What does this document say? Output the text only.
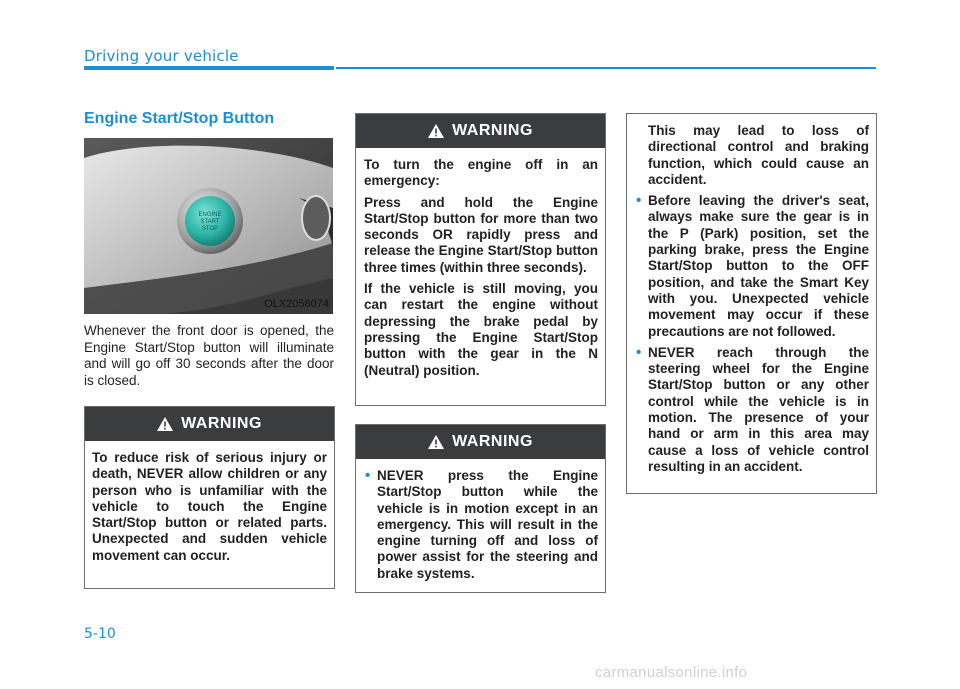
Driving your vehicle
Engine Start/Stop Button
ENGINE
START
STOP
OLX2058074
Whenever the front door is opened, the Engine Start/Stop button will illuminate and will go off 30 seconds after the door is closed.
WARNING

To reduce risk of serious injury or death, NEVER allow children or any person who is unfamiliar with the vehicle to touch the Engine Start/Stop button or related parts. Unexpected and sudden vehicle movement can occur.

WARNING

To turn the engine off in an emergency:

Press and hold the Engine Start/Stop button for more than two seconds OR rapidly press and release the Engine Start/Stop button three times (within three seconds).

If the vehicle is still moving, you can restart the engine without depressing the brake pedal by pressing the Engine Start/Stop button with the gear in the N (Neutral) position.

WARNING
• NEVER press the Engine Start/Stop button while the vehicle is in motion except in an emergency. This will result in the engine turning off and loss of power assist for the steering and brake systems.

This may lead to loss of directional control and braking function, which could cause an accident.

• Before leaving the driver's seat, always make sure the gear is in the P (Park) position, set the parking brake, press the Engine Start/Stop button to the OFF position, and take the Smart Key with you. Unexpected vehicle movement may occur if these precautions are not followed.
• NEVER reach through the steering wheel for the Engine Start/Stop button or any other control while the vehicle is in motion. The presence of your hand or arm in this area may cause a loss of vehicle control resulting in an accident.
5-10
carmanualsonline.info
